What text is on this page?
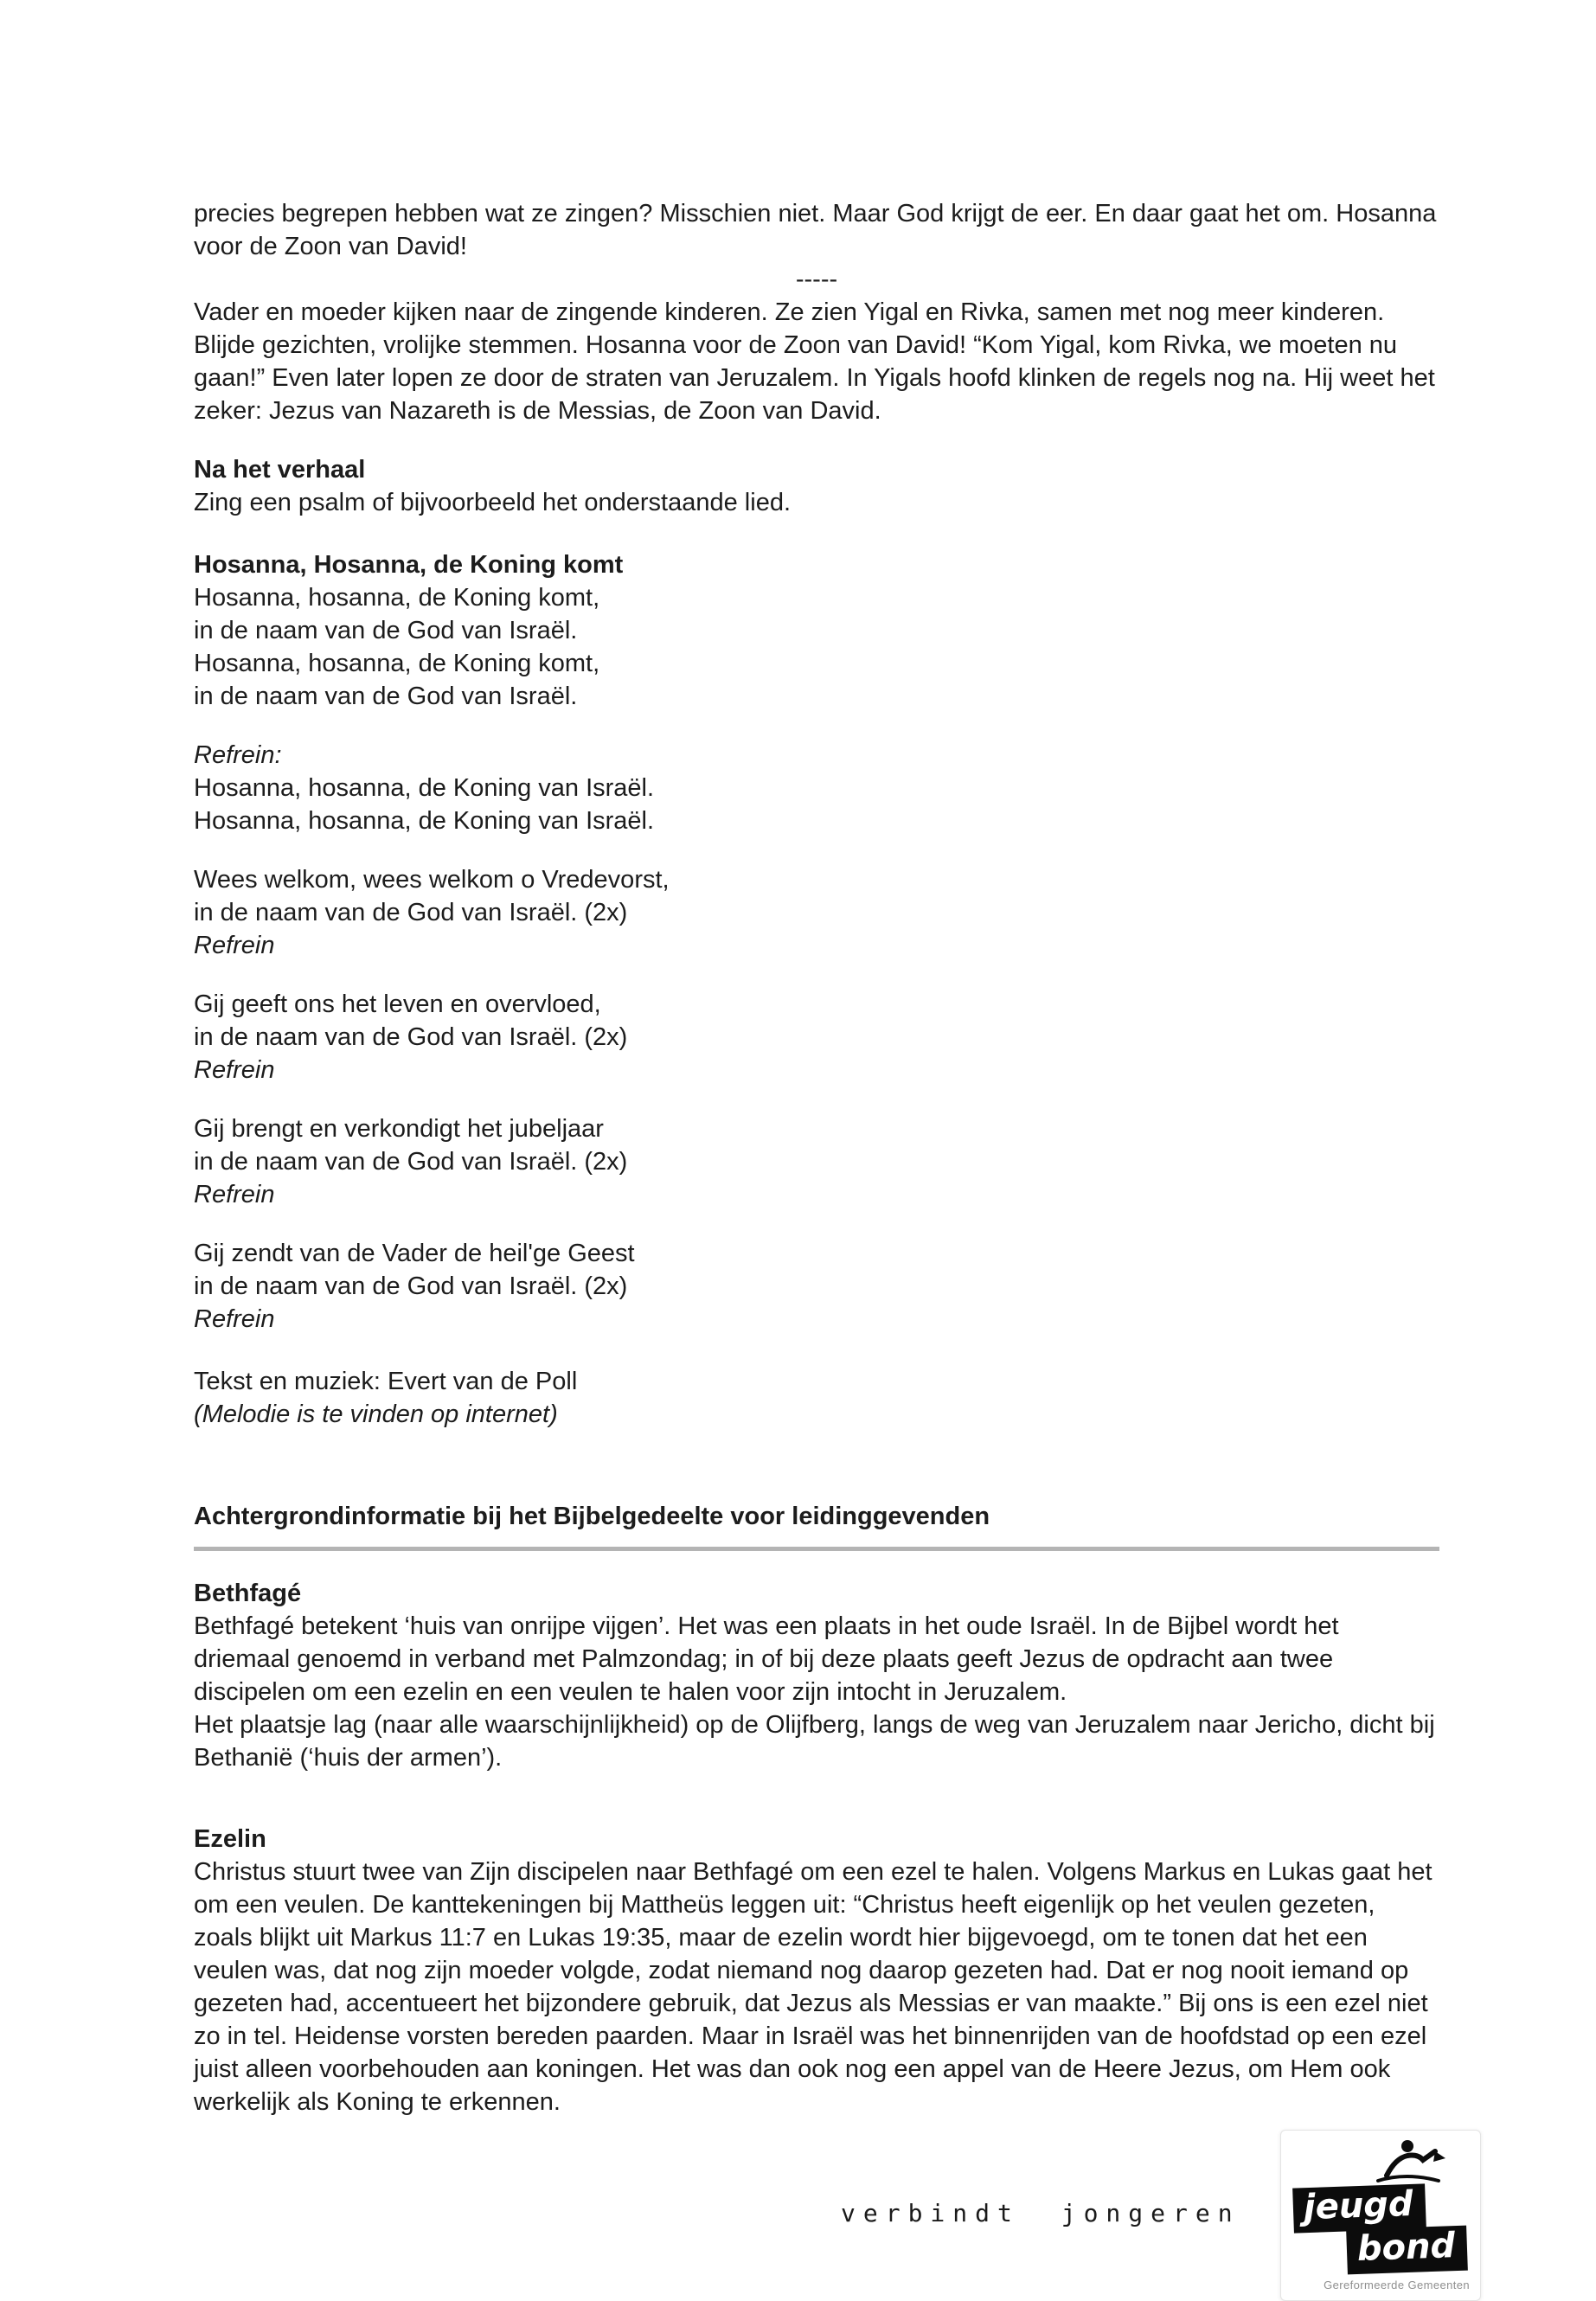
precies begrepen hebben wat ze zingen? Misschien niet. Maar God krijgt de eer. En daar gaat het om. Hosanna voor de Zoon van David!

-----

Vader en moeder kijken naar de zingende kinderen. Ze zien Yigal en Rivka, samen met nog meer kinderen. Blijde gezichten, vrolijke stemmen. Hosanna voor de Zoon van David! “Kom Yigal, kom Rivka, we moeten nu gaan!” Even later lopen ze door de straten van Jeruzalem. In Yigals hoofd klinken de regels nog na. Hij weet het zeker: Jezus van Nazareth is de Messias, de Zoon van David.

Na het verhaal

Zing een psalm of bijvoorbeeld het onderstaande lied.

Hosanna, Hosanna, de Koning komt

Hosanna, hosanna, de Koning komt,
in de naam van de God van Israël.
Hosanna, hosanna, de Koning komt,
in de naam van de God van Israël.
Refrein:
Hosanna, hosanna, de Koning van Israël.
Hosanna, hosanna, de Koning van Israël.
Wees welkom, wees welkom o Vredevorst,
in de naam van de God van Israël. (2x)
Refrein
Gij geeft ons het leven en overvloed,
in de naam van de God van Israël. (2x)
Refrein
Gij brengt en verkondigt het jubeljaar
in de naam van de God van Israël. (2x)
Refrein
Gij zendt van de Vader de heil'ge Geest
in de naam van de God van Israël. (2x)
Refrein
Tekst en muziek: Evert van de Poll
(Melodie is te vinden op internet)
Achtergrondinformatie bij het Bijbelgedeelte voor leidinggevenden

Bethfagé

Bethfagé betekent ‘huis van onrijpe vijgen’. Het was een plaats in het oude Israël. In de Bijbel wordt het driemaal genoemd in verband met Palmzondag; in of bij deze plaats geeft Jezus de opdracht aan twee discipelen om een ezelin en een veulen te halen voor zijn intocht in Jeruzalem.

Het plaatsje lag (naar alle waarschijnlijkheid) op de Olijfberg, langs de weg van Jeruzalem naar Jericho, dicht bij Bethanië (‘huis der armen’).

Ezelin

Christus stuurt twee van Zijn discipelen naar Bethfagé om een ezel te halen. Volgens Markus en Lukas gaat het om een veulen. De kanttekeningen bij Mattheüs leggen uit: “Christus heeft eigenlijk op het veulen gezeten, zoals blijkt uit Markus 11:7 en Lukas 19:35, maar de ezelin wordt hier bijgevoegd, om te tonen dat het een veulen was, dat nog zijn moeder volgde, zodat niemand nog daarop gezeten had. Dat er nog nooit iemand op gezeten had, accentueert het bijzondere gebruik, dat Jezus als Messias er van maakte.” Bij ons is een ezel niet zo in tel. Heidense vorsten bereden paarden. Maar in Israël was het binnenrijden van de hoofdstad op een ezel juist alleen voorbehouden aan koningen. Het was dan ook nog een appel van de Heere Jezus, om Hem ook werkelijk als Koning te erkennen.

verbindt jongeren	jeugd
bond
Gereformeerde Gemeenten
